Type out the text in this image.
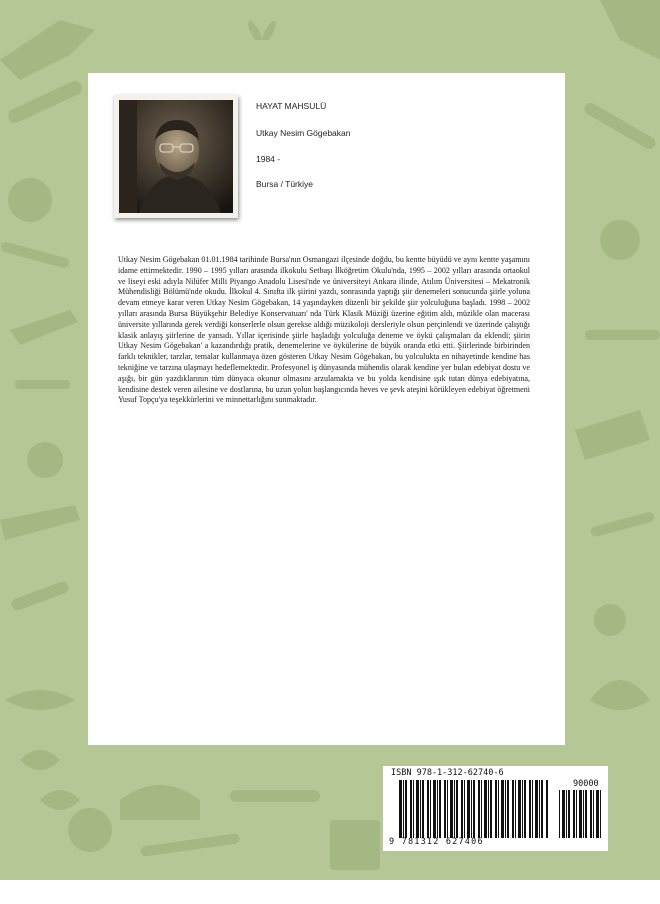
HAYAT MAHSULÜ

Utkay Nesim Gögebakan

1984 -

Bursa / Türkiye

Utkay Nesim Gögebakan 01.01.1984 tarihinde Bursa'nın Osmangazi ilçesinde doğdu, bu kentte büyüdü ve aynı kentte yaşamını idame ettirmektedir. 1990 – 1995 yılları arasında ilkokulu Setbaşı İlköğretim Okulu'nda, 1995 – 2002 yılları arasında ortaokul ve liseyi eski adıyla Nilüfer Milli Piyango Anadolu Lisesi'nde ve üniversiteyi Ankara ilinde, Atılım Üniversitesi – Mekatronik Mühendisliği Bölümü'nde okudu. İlkokul 4. Sınıfta ilk şiirini yazdı, sonrasında yaptığı şiir denemeleri sonucunda şiirle yoluna devam etmeye karar veren Utkay Nesim Gögebakan, 14 yaşındayken düzenli bir şekilde şiir yolculuğuna başladı. 1998 – 2002 yılları arasında Bursa Büyükşehir Belediye Konservatuarı' nda Türk Klasik Müziği üzerine eğitim aldı, müzikle olan macerası üniversite yıllarında gerek verdiği konserlerle olsun gerekse aldığı müzikoloji dersleriyle olsun perçinlendi ve üzerinde çalıştığı klasik anlayış şiirlerine de yansıdı. Yıllar içerisinde şiirle başladığı yolculuğa deneme ve öykü çalışmaları da eklendi; şiirin Utkay Nesim Gögebakan' a kazandırdığı pratik, denemelerine ve öykülerine de büyük oranda etki etti. Şiirlerinde birbirinden farklı teknikler, tarzlar, temalar kullanmaya özen gösteren Utkay Nesim Gögebakan, bu yolculukta en nihayetinde kendine has tekniğine ve tarzına ulaşmayı hedeflemektedir. Profesyonel iş dünyasında mühendis olarak kendine yer bulan edebiyat dostu ve aşığı, bir gün yazdıklarının tüm dünyaca okunur olmasını arzulamakta ve bu yolda kendisine ışık tutan dünya edebiyatına, kendisine destek veren ailesine ve dostlarına, bu uzun yolun başlangıcında heves ve şevk ateşini körükleyen edebiyat öğretmeni Yusuf Topçu'ya teşekkürlerini ve minnettarlığını sunmaktadır.

ISBN 978-1-312-62740-6

90000

9 781312 627406
